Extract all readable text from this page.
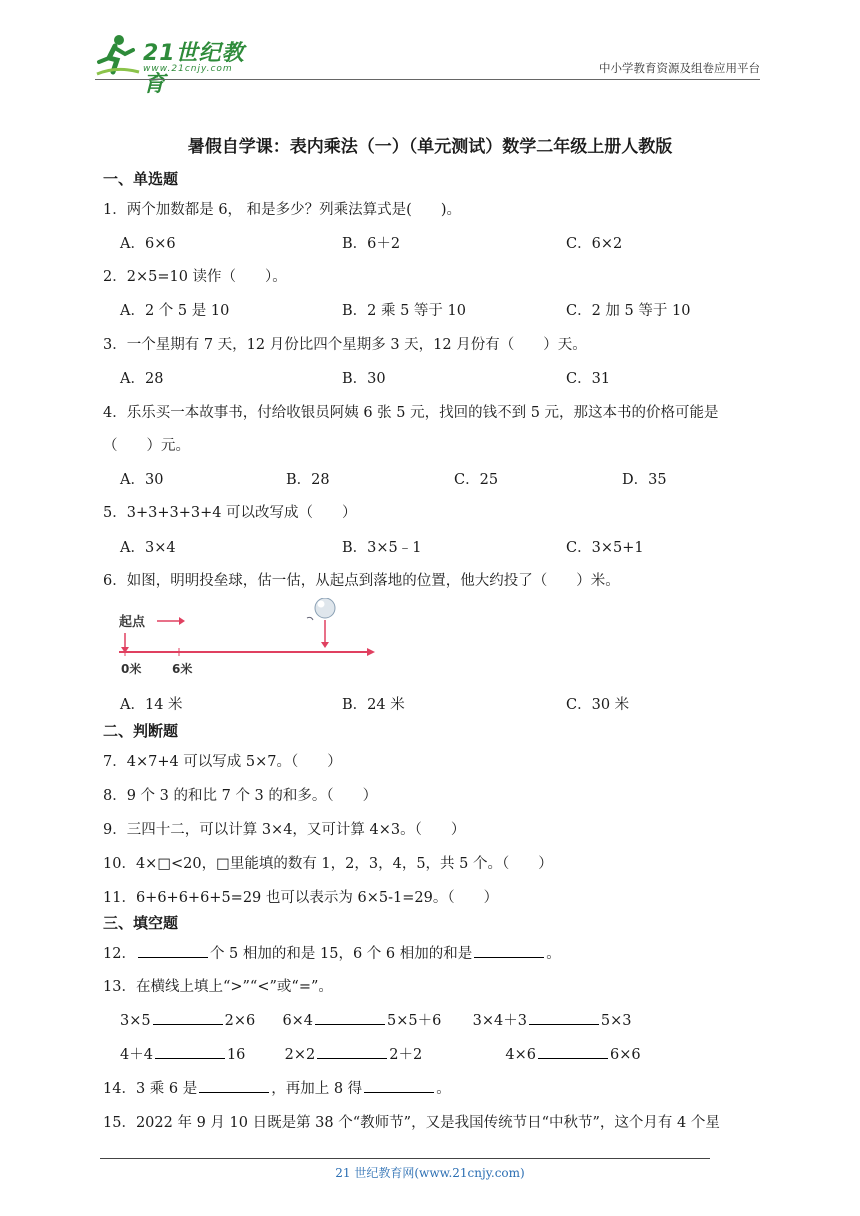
21世纪教育
www.21cnjy.com	中小学教育资源及组卷应用平台
暑假自学课：表内乘法（一）（单元测试）数学二年级上册人教版
一、单选题
1．两个加数都是 6， 和是多少？列乘法算式是(　　)。
A．6×6	B．6＋2	C．6×2
2．2×5=10 读作（　　）。
A．2 个 5 是 10	B．2 乘 5 等于 10	C．2 加 5 等于 10
3．一个星期有 7 天，12 月份比四个星期多 3 天，12 月份有（　　）天。
A．28	B．30	C．31
4．乐乐买一本故事书，付给收银员阿姨 6 张 5 元，找回的钱不到 5 元，那这本书的价格可能是
（　　）元。
A．30	B．28	C．25	D．35
5．3+3+3+3+4 可以改写成（　　）
A．3×4	B．3×5﹣1	C．3×5+1
6．如图，明明投垒球，估一估，从起点到落地的位置，他大约投了（　　）米。
起点
0米	6米
A．14 米	B．24 米	C．30 米
二、判断题
7．4×7+4 可以写成 5×7。（　　）
8．9 个 3 的和比 7 个 3 的和多。（　　）
9．三四十二，可以计算 3×4，又可计算 4×3。（　　）
10．4×□<20，□里能填的数有 1，2，3，4，5，共 5 个。（　　）
11．6+6+6+6+5=29 也可以表示为 6×5-1=29。（　　）
三、填空题
12．	个 5 相加的和是 15，6 个 6 相加的和是	。
13．在横线上填上“>”“<”或“=”。
3×5	2×6 6×4	5×5＋6 3×4＋3	5×3
4＋4	16	2×2	2＋2	4×6	6×6
14．3 乘 6 是	，再加上 8 得	。
15．2022 年 9 月 10 日既是第 38 个“教师节”，又是我国传统节日“中秋节”，这个月有 4 个星
21 世纪教育网(www.21cnjy.com)
